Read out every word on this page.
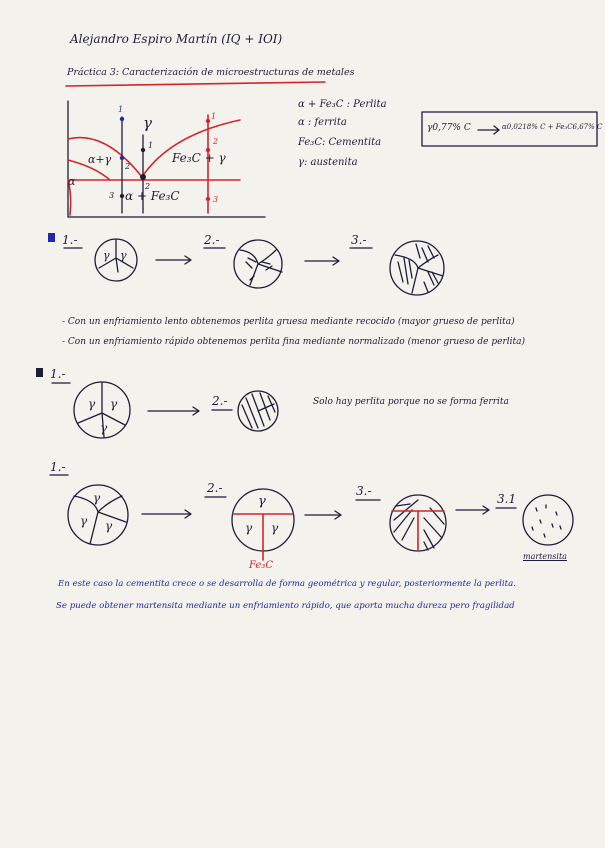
Alejandro Espiro Martín (IQ + IOI)
Práctica 3: Caracterización de microestructuras de metales
γ
α+γ
α
Fe₃C + γ
α + Fe₃C
1
1
2
2
3
1
2
3
α + Fe₃C : Perlita
α : ferrita
Fe₃C: Cementita
γ: austenita
γ0,77% C	α0,0218% C + Fe₃C6,67% C
1.-	2.-	3.-
γ γ
- Con un enfriamiento lento obtenemos perlita gruesa mediante recocido (mayor grueso de perlita)
- Con un enfriamiento rápido obtenemos perlita fina mediante normalizado (menor grueso de perlita)
1.-
2.-
γ γ
γ
Solo hay perlita porque no se forma ferrita
1.-
2.-	3.-
3.1
γ
γ γ
γ
γ γ
Fe₃C
martensita
En este caso la cementita crece o se desarrolla de forma geométrica y regular, posteriormente la perlita.
Se puede obtener martensita mediante un enfriamiento rápido, que aporta mucha dureza pero fragilidad
